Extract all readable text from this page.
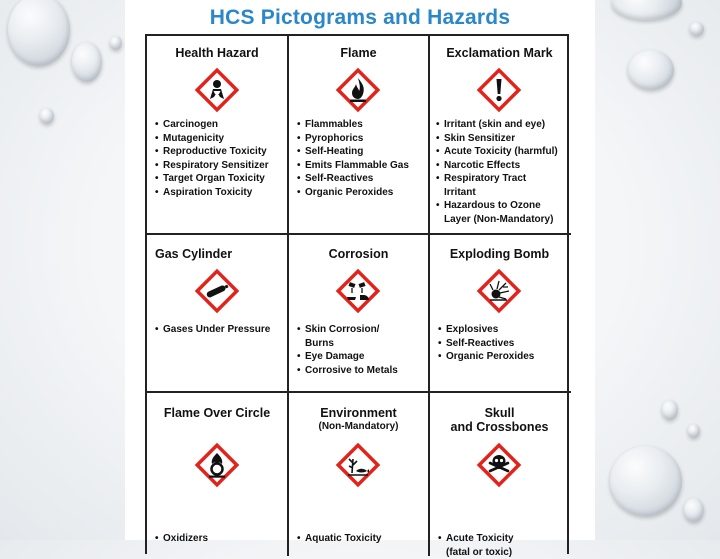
HCS Pictograms and Hazards
Health Hazard
• Carcinogen
• Mutagenicity
• Reproductive Toxicity
• Respiratory Sensitizer
• Target Organ Toxicity
• Aspiration Toxicity
Flame
• Flammables
• Pyrophorics
• Self-Heating
• Emits Flammable Gas
• Self-Reactives
• Organic Peroxides
Exclamation Mark
• Irritant (skin and eye)
• Skin Sensitizer
• Acute Toxicity (harmful)
• Narcotic Effects
• Respiratory Tract
Irritant
• Hazardous to Ozone
Layer (Non-Mandatory)
Gas Cylinder
• Gases Under Pressure
Corrosion
• Skin Corrosion/
Burns
• Eye Damage
• Corrosive to Metals
Exploding Bomb
• Explosives
• Self-Reactives
• Organic Peroxides
Flame Over Circle
• Oxidizers
Environment
(Non-Mandatory)
• Aquatic Toxicity
Skull
and Crossbones
• Acute Toxicity
(fatal or toxic)
